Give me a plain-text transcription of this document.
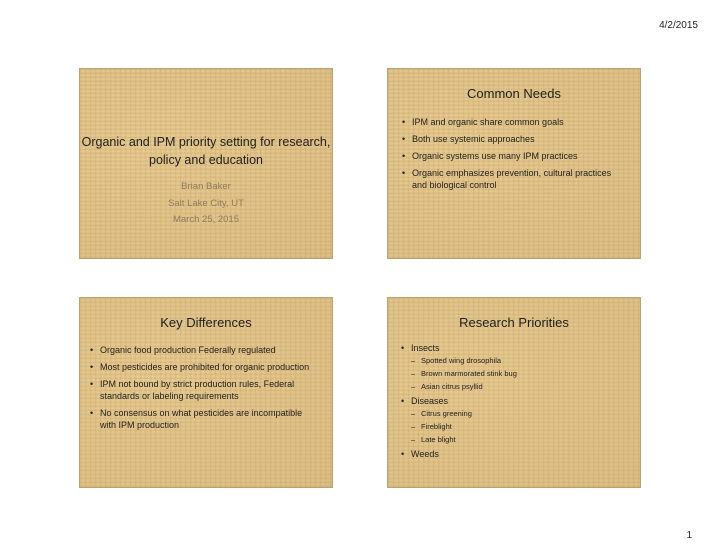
4/2/2015
Organic and IPM priority setting for research, policy and education
Brian Baker
Salt Lake City, UT
March 25, 2015
Common Needs
• IPM and organic share common goals
• Both use systemic approaches
• Organic systems use many IPM practices
• Organic emphasizes prevention, cultural practices and biological control
Key Differences
• Organic food production Federally regulated
• Most pesticides are prohibited for organic production
• IPM not bound by strict production rules, Federal standards or labeling requirements
• No consensus on what pesticides are incompatible with IPM production
Research Priorities
• Insects
– Spotted wing drosophila
– Brown marmorated stink bug
– Asian citrus psyllid
• Diseases
– Citrus greening
– Fireblight
– Late blight
• Weeds
1
